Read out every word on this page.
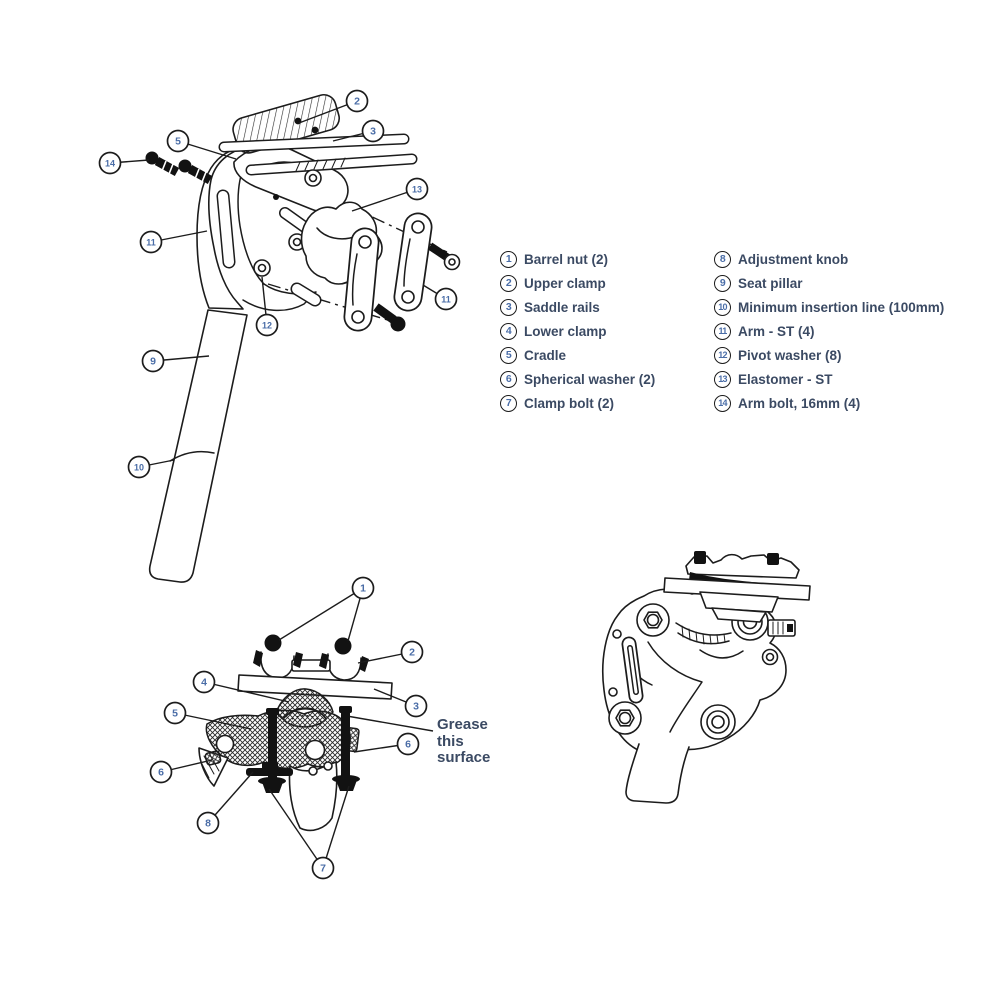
2
3
5
14
11
13
11
12
9
10
1
2
4
3
5
6
6
8
7
1 Barrel nut (2)
2 Upper clamp
3 Saddle rails
4 Lower clamp
5 Cradle
6 Spherical washer (2)
7 Clamp bolt (2)
8 Adjustment knob
9 Seat pillar
10 Minimum insertion line (100mm)
11 Arm - ST (4)
12 Pivot washer (8)
13 Elastomer - ST
14 Arm bolt, 16mm (4)
Grease
this
surface
